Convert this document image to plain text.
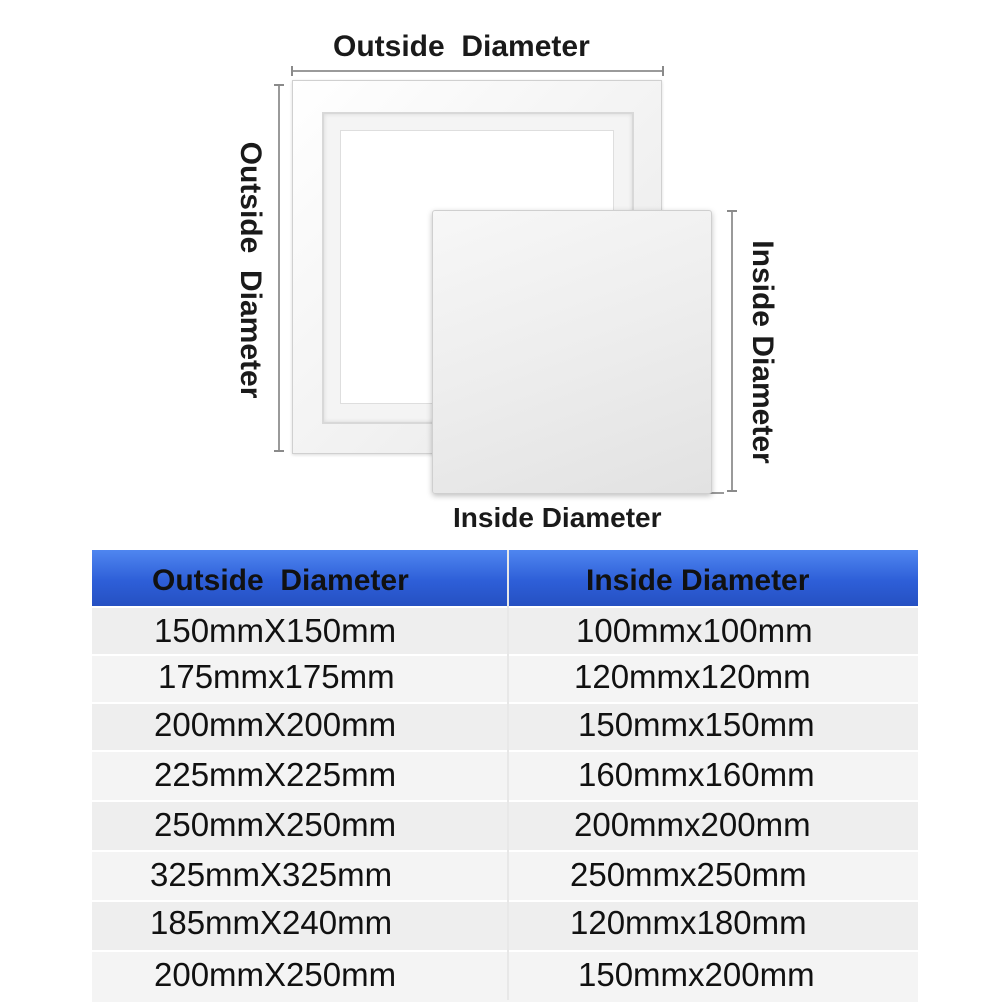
Outside  Diameter
Outside  Diameter	Inside Diameter
Inside Diameter
Outside  Diameter	Inside Diameter
150mmX150mm	100mmx100mm
175mmx175mm	120mmx120mm
200mmX200mm	150mmx150mm
225mmX225mm	160mmx160mm
250mmX250mm	200mmx200mm
325mmX325mm	250mmx250mm
185mmX240mm	120mmx180mm
200mmX250mm	150mmx200mm
